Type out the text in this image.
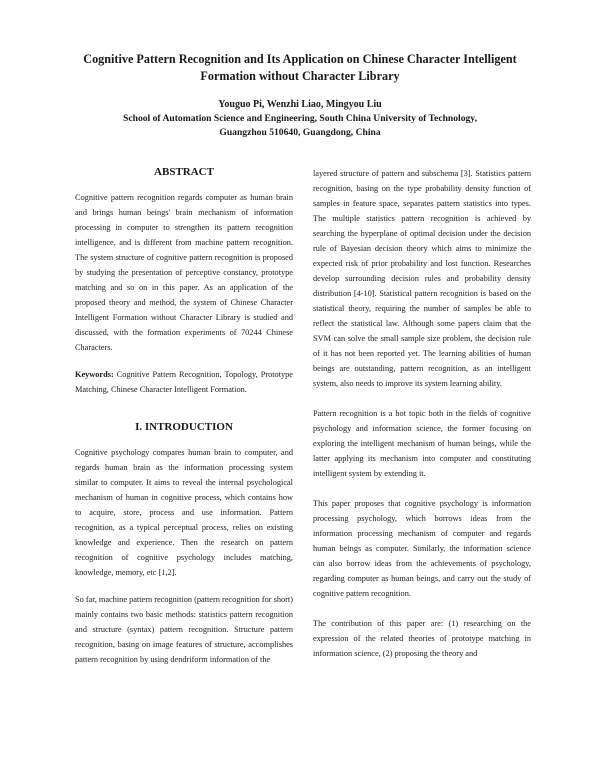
Cognitive Pattern Recognition and Its Application on Chinese Character Intelligent Formation without Character Library
Youguo Pi, Wenzhi Liao, Mingyou Liu
School of Automation Science and Engineering, South China University of Technology,
Guangzhou 510640, Guangdong, China
ABSTRACT

Cognitive pattern recognition regards computer as human brain and brings human beings' brain mechanism of information processing in computer to strengthen its pattern recognition intelligence, and is different from machine pattern recognition. The system structure of cognitive pattern recognition is proposed by studying the presentation of perceptive constancy, prototype matching and so on in this paper. As an application of the proposed theory and method, the system of Chinese Character Intelligent Formation without Character Library is studied and discussed, with the formation experiments of 70244 Chinese Characters.

Keywords: Cognitive Pattern Recognition, Topology, Prototype Matching, Chinese Character Intelligent Formation.

I. INTRODUCTION

Cognitive psychology compares human brain to computer, and regards human brain as the information processing system similar to computer. It aims to reveal the internal psychological mechanism of human in cognitive process, which contains how to acquire, store, process and use information. Pattern recognition, as a typical perceptual process, relies on existing knowledge and experience. Then the research on pattern recognition of cognitive psychology includes matching, knowledge, memory, etc [1,2].

So far, machine pattern recognition (pattern recognition for short) mainly contains two basic methods: statistics pattern recognition and structure (syntax) pattern recognition. Structure pattern recognition, basing on image features of structure, accomplishes pattern recognition by using dendriform information of the

layered structure of pattern and subschema [3]. Statistics pattern recognition, basing on the type probability density function of samples in feature space, separates pattern statistics into types. The multiple statistics pattern recognition is achieved by searching the hyperplane of optimal decision under the decision rule of Bayesian decision theory which aims to minimize the expected risk of prior probability and lost function. Researches develop surrounding decision rules and probability density distribution [4-10]. Statistical pattern recognition is based on the statistical theory, requiring the number of samples be able to reflect the statistical law. Although some papers claim that the SVM can solve the small sample size problem, the decision rule of it has not been reported yet. The learning abilities of human beings are outstanding, pattern recognition, as an intelligent system, also needs to improve its system learning ability.

Pattern recognition is a hot topic both in the fields of cognitive psychology and information science, the former focusing on exploring the intelligent mechanism of human beings, while the latter applying its mechanism into computer and constituting intelligent system by extending it.

This paper proposes that cognitive psychology is information processing psychology, which borrows ideas from the information processing mechanism of computer and regards human beings as computer. Similarly, the information science can also borrow ideas from the achievements of psychology, regarding computer as human beings, and carry out the study of cognitive pattern recognition.

The contribution of this paper are: (1) researching on the expression of the related theories of prototype matching in information science, (2) proposing the theory and
